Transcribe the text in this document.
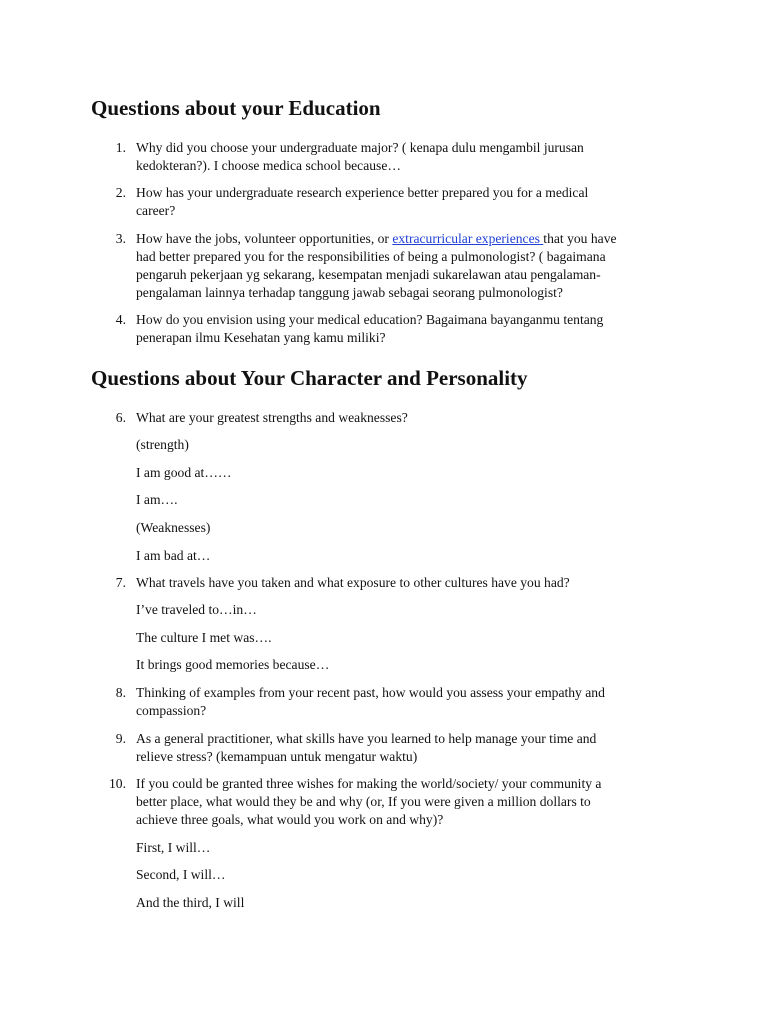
Questions about your Education
1. Why did you choose your undergraduate major? ( kenapa dulu mengambil jurusan
kedokteran?). I choose medica school because…
2. How has your undergraduate research experience better prepared you for a medical
career?
3. How have the jobs, volunteer opportunities, or extracurricular experiences that you have
had better prepared you for the responsibilities of being a pulmonologist? ( bagaimana
pengaruh pekerjaan yg sekarang, kesempatan menjadi sukarelawan atau pengalaman-
pengalaman lainnya terhadap tanggung jawab sebagai seorang pulmonologist?
4. How do you envision using your medical education? Bagaimana bayanganmu tentang
penerapan ilmu Kesehatan yang kamu miliki?
Questions about Your Character and Personality
6. What are your greatest strengths and weaknesses?
(strength)
I am good at……
I am….
(Weaknesses)
I am bad at…
7. What travels have you taken and what exposure to other cultures have you had?
I’ve traveled to…in…
The culture I met was….
It brings good memories because…
8. Thinking of examples from your recent past, how would you assess your empathy and
compassion?
9. As a general practitioner, what skills have you learned to help manage your time and
relieve stress? (kemampuan untuk mengatur waktu)
10. If you could be granted three wishes for making the world/society/ your community a
better place, what would they be and why (or, If you were given a million dollars to
achieve three goals, what would you work on and why)?
First, I will…
Second, I will…
And the third, I will
